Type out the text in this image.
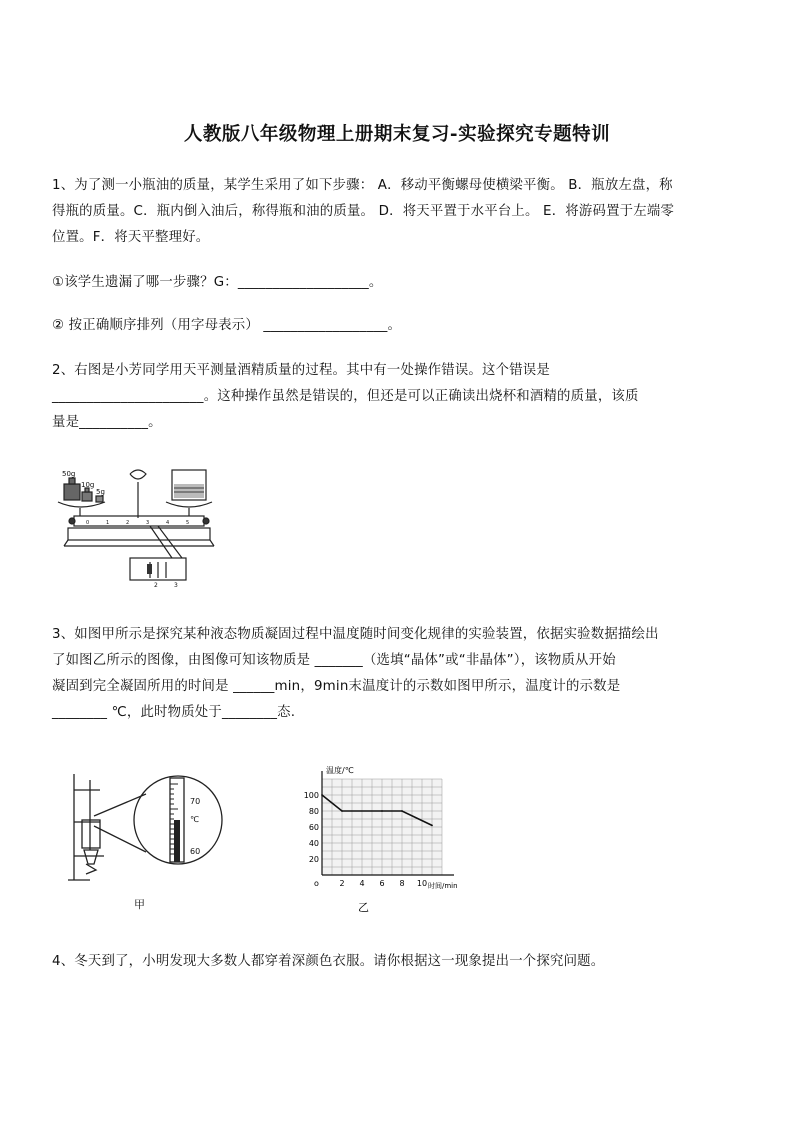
人教版八年级物理上册期末复习-实验探究专题特训
1、为了测一小瓶油的质量，某学生采用了如下步骤： A．移动平衡螺母使横梁平衡。 B．瓶放左盘，称
得瓶的质量。C．瓶内倒入油后，称得瓶和油的质量。 D．将天平置于水平台上。 E．将游码置于左端零
位置。F．将天平整理好。
①该学生遗漏了哪一步骤？G：___________________。
② 按正确顺序排列（用字母表示） __________________。
2、右图是小芳同学用天平测量酒精质量的过程。其中有一处操作错误。这个错误是
______________________。这种操作虽然是错误的，但还是可以正确读出烧杯和酒精的质量，该质
量是__________。
50g
10g
5g
0	1	2	3	4	5
2	3
3、如图甲所示是探究某种液态物质凝固过程中温度随时间变化规律的实验装置，依据实验数据描绘出
了如图乙所示的图像，由图像可知该物质是 _______（选填“晶体”或“非晶体”），该物质从开始
凝固到完全凝固所用的时间是 ______min，9min末温度计的示数如图甲所示，温度计的示数是
________ ℃，此时物质处于________态.
70
℃
60
甲
2 4 6 8 10
20
40
60
80
100
o
温度/℃
时间/min
乙
4、冬天到了，小明发现大多数人都穿着深颜色衣服。请你根据这一现象提出一个探究问题。
